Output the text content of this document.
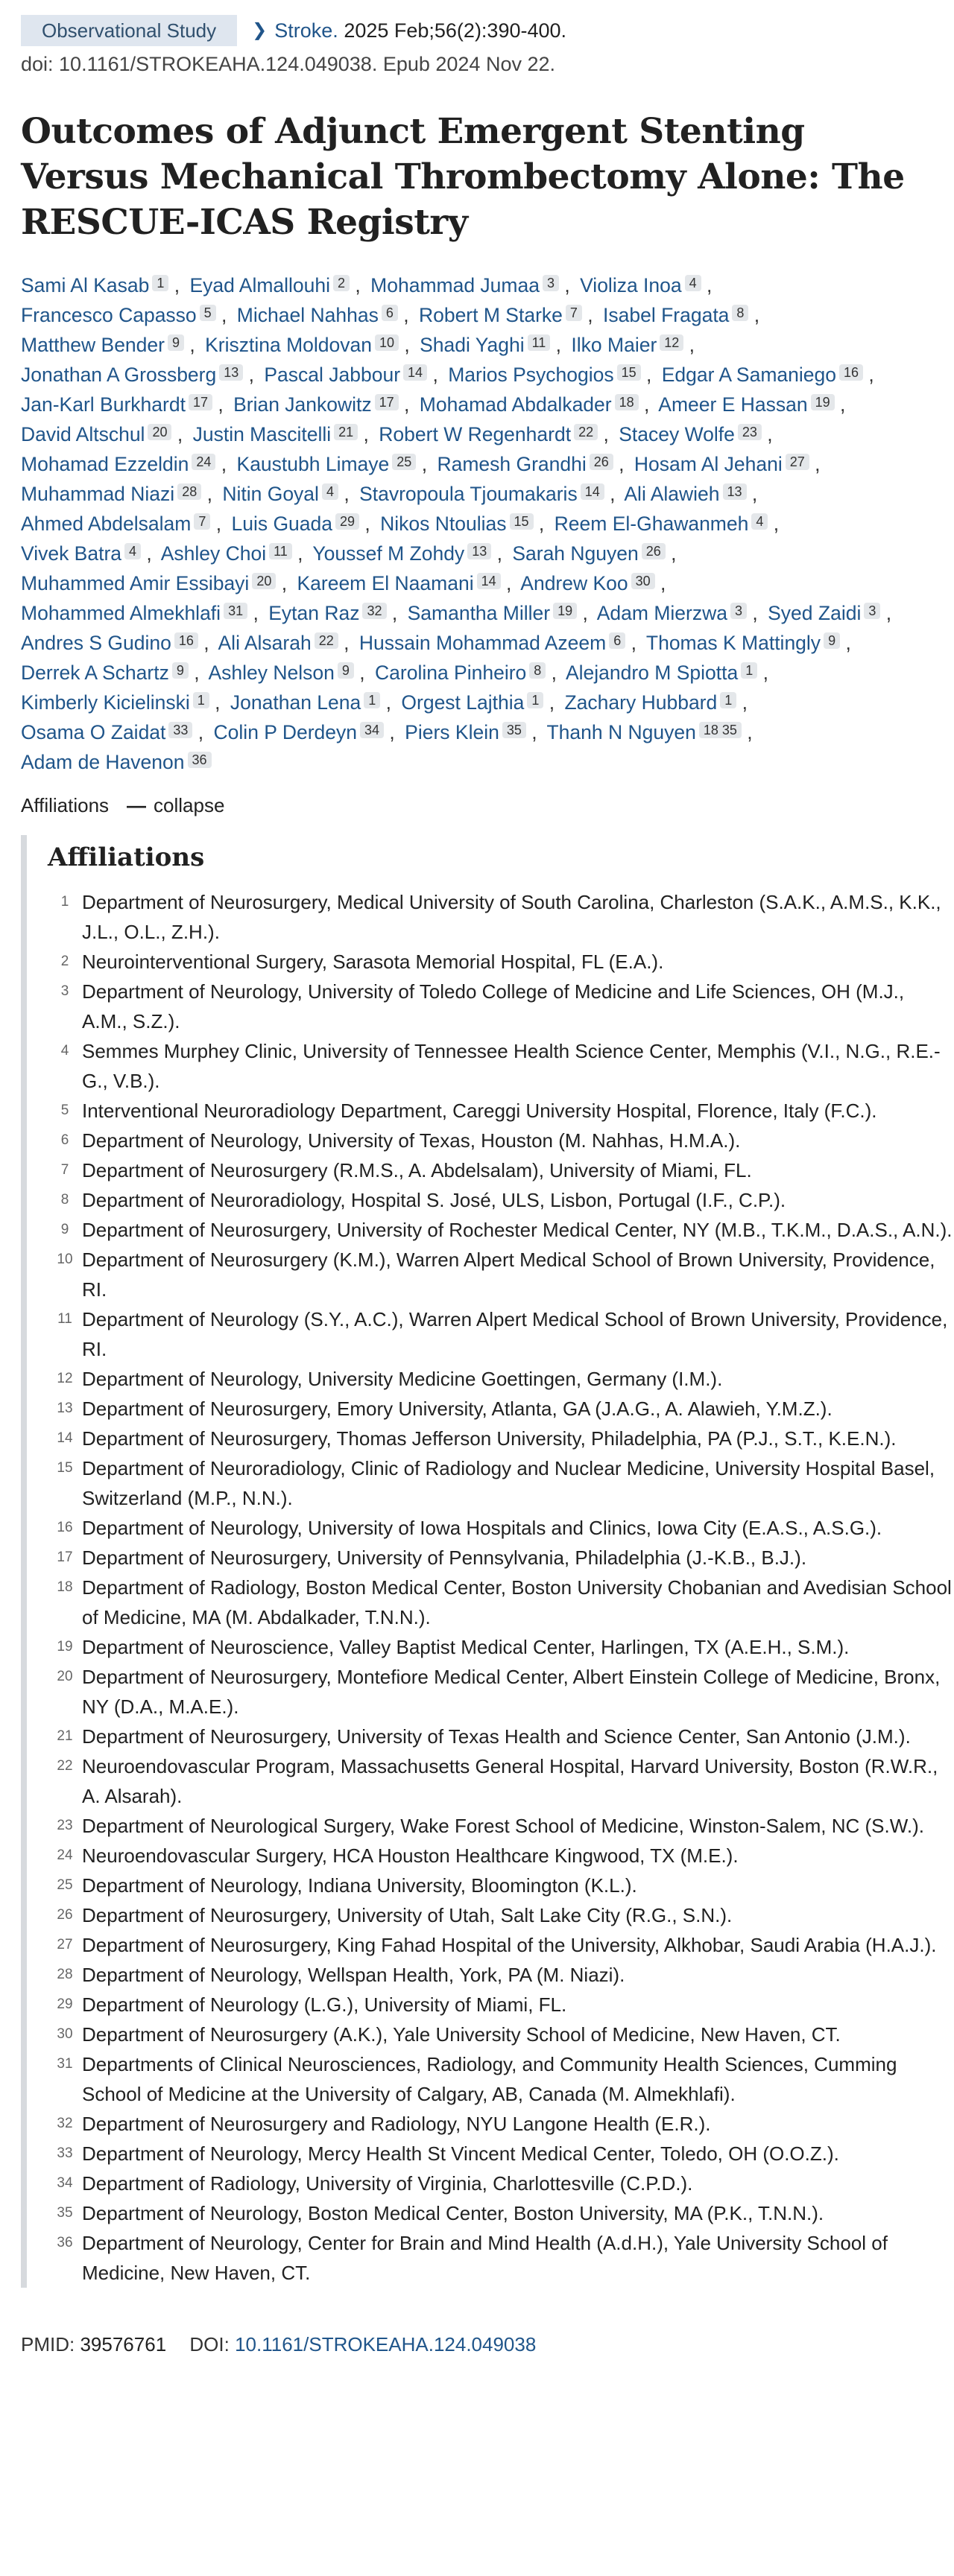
Observational Study	❯ Stroke. 2025 Feb;56(2):390-400.
doi: 10.1161/STROKEAHA.124.049038. Epub 2024 Nov 22.
Outcomes of Adjunct Emergent Stenting Versus Mechanical Thrombectomy Alone: The RESCUE-ICAS Registry
Sami Al Kasab 1 , Eyad Almallouhi 2 , Mohammad Jumaa 3 , Violiza Inoa 4 ,
Francesco Capasso 5 , Michael Nahhas 6 , Robert M Starke 7 , Isabel Fragata 8 ,
Matthew Bender 9 , Krisztina Moldovan 10 , Shadi Yaghi 11 , Ilko Maier 12 ,
Jonathan A Grossberg 13 , Pascal Jabbour 14 , Marios Psychogios 15 , Edgar A Samaniego 16 ,
Jan-Karl Burkhardt 17 , Brian Jankowitz 17 , Mohamad Abdalkader 18 , Ameer E Hassan 19 ,
David Altschul 20 , Justin Mascitelli 21 , Robert W Regenhardt 22 , Stacey Wolfe 23 ,
Mohamad Ezzeldin 24 , Kaustubh Limaye 25 , Ramesh Grandhi 26 , Hosam Al Jehani 27 ,
Muhammad Niazi 28 , Nitin Goyal 4 , Stavropoula Tjoumakaris 14 , Ali Alawieh 13 ,
Ahmed Abdelsalam 7 , Luis Guada 29 , Nikos Ntoulias 15 , Reem El-Ghawanmeh 4 ,
Vivek Batra 4 , Ashley Choi 11 , Youssef M Zohdy 13 , Sarah Nguyen 26 ,
Muhammed Amir Essibayi 20 , Kareem El Naamani 14 , Andrew Koo 30 ,
Mohammed Almekhlafi 31 , Eytan Raz 32 , Samantha Miller 19 , Adam Mierzwa 3 , Syed Zaidi 3 ,
Andres S Gudino 16 , Ali Alsarah 22 , Hussain Mohammad Azeem 6 , Thomas K Mattingly 9 ,
Derrek A Schartz 9 , Ashley Nelson 9 , Carolina Pinheiro 8 , Alejandro M Spiotta 1 ,
Kimberly Kicielinski 1 , Jonathan Lena 1 , Orgest Lajthia 1 , Zachary Hubbard 1 ,
Osama O Zaidat 33 , Colin P Derdeyn 34 , Piers Klein 35 , Thanh N Nguyen 18 35 ,
Adam de Havenon 36
Affiliations — collapse
Affiliations
1 Department of Neurosurgery, Medical University of South Carolina, Charleston (S.A.K., A.M.S., K.K., J.L., O.L., Z.H.).
2 Neurointerventional Surgery, Sarasota Memorial Hospital, FL (E.A.).
3 Department of Neurology, University of Toledo College of Medicine and Life Sciences, OH (M.J., A.M., S.Z.).
4 Semmes Murphey Clinic, University of Tennessee Health Science Center, Memphis (V.I., N.G., R.E.-G., V.B.).
5 Interventional Neuroradiology Department, Careggi University Hospital, Florence, Italy (F.C.).
6 Department of Neurology, University of Texas, Houston (M. Nahhas, H.M.A.).
7 Department of Neurosurgery (R.M.S., A. Abdelsalam), University of Miami, FL.
8 Department of Neuroradiology, Hospital S. José, ULS, Lisbon, Portugal (I.F., C.P.).
9 Department of Neurosurgery, University of Rochester Medical Center, NY (M.B., T.K.M., D.A.S., A.N.).
10 Department of Neurosurgery (K.M.), Warren Alpert Medical School of Brown University, Providence, RI.
11 Department of Neurology (S.Y., A.C.), Warren Alpert Medical School of Brown University, Providence, RI.
12 Department of Neurology, University Medicine Goettingen, Germany (I.M.).
13 Department of Neurosurgery, Emory University, Atlanta, GA (J.A.G., A. Alawieh, Y.M.Z.).
14 Department of Neurosurgery, Thomas Jefferson University, Philadelphia, PA (P.J., S.T., K.E.N.).
15 Department of Neuroradiology, Clinic of Radiology and Nuclear Medicine, University Hospital Basel, Switzerland (M.P., N.N.).
16 Department of Neurology, University of Iowa Hospitals and Clinics, Iowa City (E.A.S., A.S.G.).
17 Department of Neurosurgery, University of Pennsylvania, Philadelphia (J.-K.B., B.J.).
18 Department of Radiology, Boston Medical Center, Boston University Chobanian and Avedisian School of Medicine, MA (M. Abdalkader, T.N.N.).
19 Department of Neuroscience, Valley Baptist Medical Center, Harlingen, TX (A.E.H., S.M.).
20 Department of Neurosurgery, Montefiore Medical Center, Albert Einstein College of Medicine, Bronx, NY (D.A., M.A.E.).
21 Department of Neurosurgery, University of Texas Health and Science Center, San Antonio (J.M.).
22 Neuroendovascular Program, Massachusetts General Hospital, Harvard University, Boston (R.W.R., A. Alsarah).
23 Department of Neurological Surgery, Wake Forest School of Medicine, Winston-Salem, NC (S.W.).
24 Neuroendovascular Surgery, HCA Houston Healthcare Kingwood, TX (M.E.).
25 Department of Neurology, Indiana University, Bloomington (K.L.).
26 Department of Neurosurgery, University of Utah, Salt Lake City (R.G., S.N.).
27 Department of Neurosurgery, King Fahad Hospital of the University, Alkhobar, Saudi Arabia (H.A.J.).
28 Department of Neurology, Wellspan Health, York, PA (M. Niazi).
29 Department of Neurology (L.G.), University of Miami, FL.
30 Department of Neurosurgery (A.K.), Yale University School of Medicine, New Haven, CT.
31 Departments of Clinical Neurosciences, Radiology, and Community Health Sciences, Cumming School of Medicine at the University of Calgary, AB, Canada (M. Almekhlafi).
32 Department of Neurosurgery and Radiology, NYU Langone Health (E.R.).
33 Department of Neurology, Mercy Health St Vincent Medical Center, Toledo, OH (O.O.Z.).
34 Department of Radiology, University of Virginia, Charlottesville (C.P.D.).
35 Department of Neurology, Boston Medical Center, Boston University, MA (P.K., T.N.N.).
36 Department of Neurology, Center for Brain and Mind Health (A.d.H.), Yale University School of Medicine, New Haven, CT.
PMID: 39576761 DOI: 10.1161/STROKEAHA.124.049038
